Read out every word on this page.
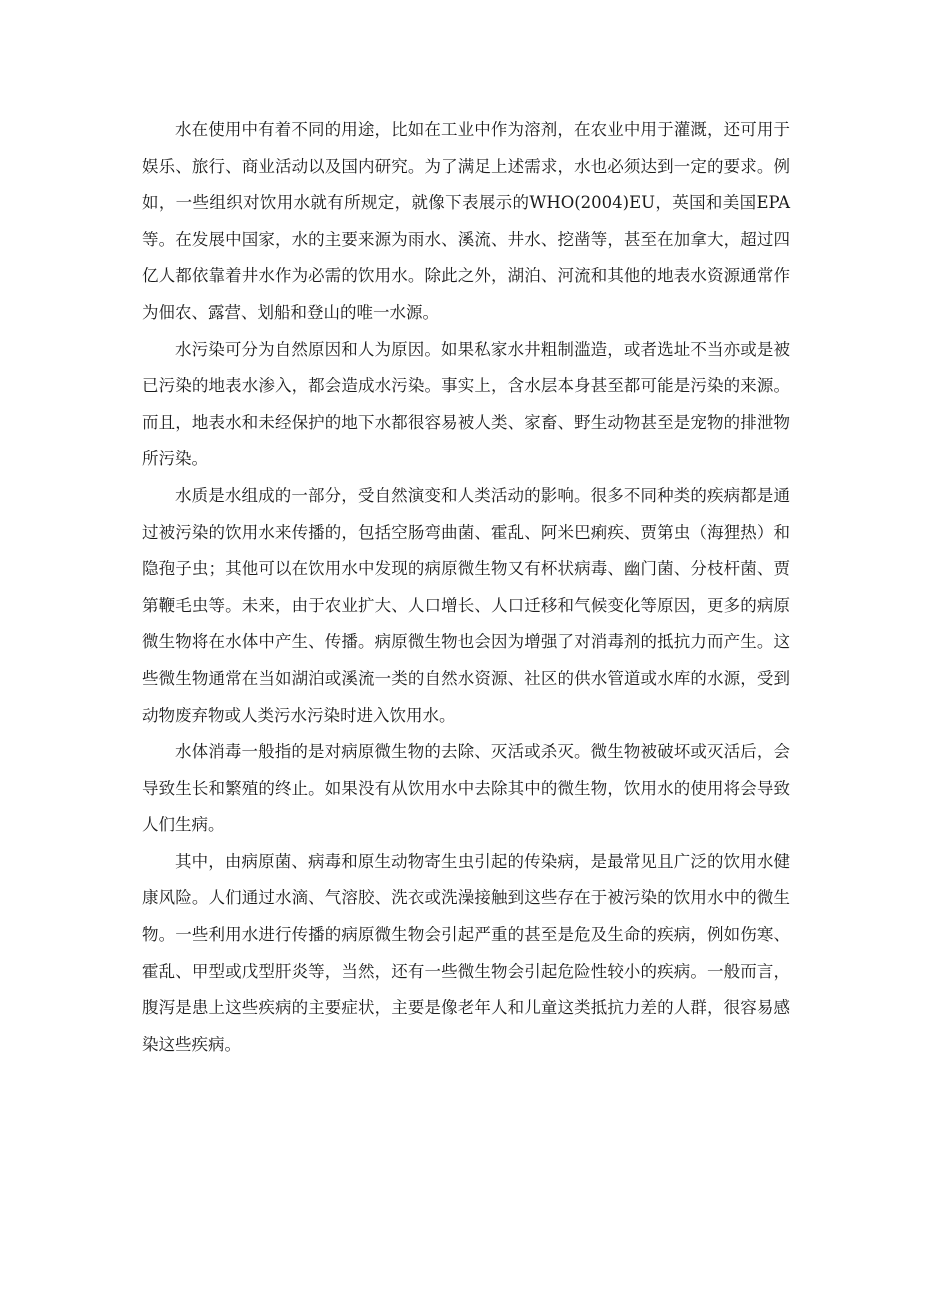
水在使用中有着不同的用途，比如在工业中作为溶剂，在农业中用于灌溉，还可用于娱乐、旅行、商业活动以及国内研究。为了满足上述需求，水也必须达到一定的要求。例如，一些组织对饮用水就有所规定，就像下表展示的WHO(2004)EU，英国和美国EPA等。在发展中国家，水的主要来源为雨水、溪流、井水、挖凿等，甚至在加拿大，超过四亿人都依靠着井水作为必需的饮用水。除此之外，湖泊、河流和其他的地表水资源通常作为佃农、露营、划船和登山的唯一水源。

水污染可分为自然原因和人为原因。如果私家水井粗制滥造，或者选址不当亦或是被已污染的地表水渗入，都会造成水污染。事实上，含水层本身甚至都可能是污染的来源。而且，地表水和未经保护的地下水都很容易被人类、家畜、野生动物甚至是宠物的排泄物所污染。

水质是水组成的一部分，受自然演变和人类活动的影响。很多不同种类的疾病都是通过被污染的饮用水来传播的，包括空肠弯曲菌、霍乱、阿米巴痢疾、贾第虫（海狸热）和隐孢子虫；其他可以在饮用水中发现的病原微生物又有杯状病毒、幽门菌、分枝杆菌、贾第鞭毛虫等。未来，由于农业扩大、人口增长、人口迁移和气候变化等原因，更多的病原微生物将在水体中产生、传播。病原微生物也会因为增强了对消毒剂的抵抗力而产生。这些微生物通常在当如湖泊或溪流一类的自然水资源、社区的供水管道或水库的水源，受到动物废弃物或人类污水污染时进入饮用水。

水体消毒一般指的是对病原微生物的去除、灭活或杀灭。微生物被破坏或灭活后，会导致生长和繁殖的终止。如果没有从饮用水中去除其中的微生物，饮用水的使用将会导致人们生病。

其中，由病原菌、病毒和原生动物寄生虫引起的传染病，是最常见且广泛的饮用水健康风险。人们通过水滴、气溶胶、洗衣或洗澡接触到这些存在于被污染的饮用水中的微生物。一些利用水进行传播的病原微生物会引起严重的甚至是危及生命的疾病，例如伤寒、霍乱、甲型或戊型肝炎等，当然，还有一些微生物会引起危险性较小的疾病。一般而言，腹泻是患上这些疾病的主要症状，主要是像老年人和儿童这类抵抗力差的人群，很容易感染这些疾病。
